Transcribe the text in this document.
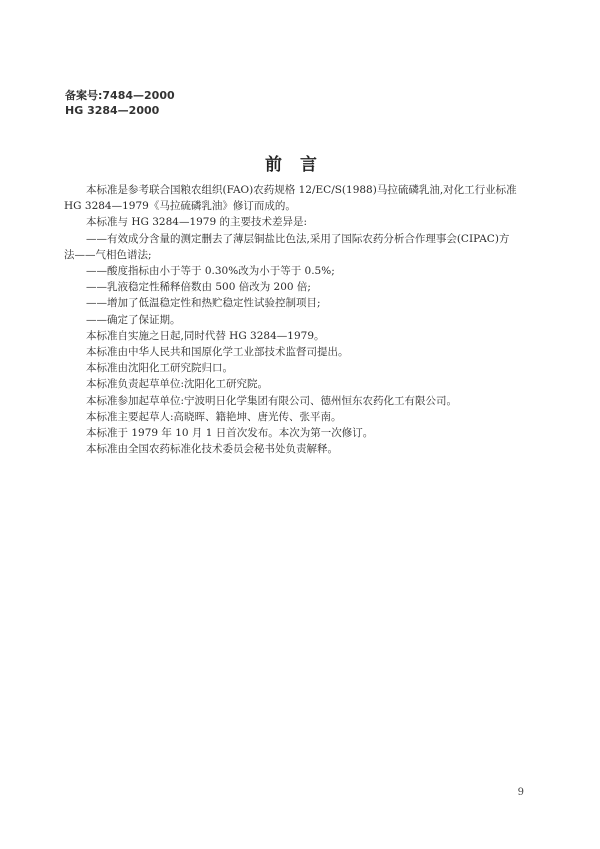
备案号:7484—2000
HG 3284—2000
前言
本标准是参考联合国粮农组织(FAO)农药规格 12/EC/S(1988)马拉硫磷乳油,对化工行业标准
HG 3284—1979《马拉硫磷乳油》修订而成的。
本标准与 HG 3284—1979 的主要技术差异是:
——有效成分含量的测定删去了薄层铜盐比色法,采用了国际农药分析合作理事会(CIPAC)方
法——气相色谱法;
——酸度指标由小于等于 0.30%改为小于等于 0.5%;
——乳液稳定性稀释倍数由 500 倍改为 200 倍;
——增加了低温稳定性和热贮稳定性试验控制项目;
——确定了保证期。
本标准自实施之日起,同时代替 HG 3284—1979。
本标准由中华人民共和国原化学工业部技术监督司提出。
本标准由沈阳化工研究院归口。
本标准负责起草单位:沈阳化工研究院。
本标准参加起草单位:宁波明日化学集团有限公司、德州恒东农药化工有限公司。
本标准主要起草人:高晓晖、籍艳坤、唐光传、张平南。
本标准于 1979 年 10 月 1 日首次发布。本次为第一次修订。
本标准由全国农药标准化技术委员会秘书处负责解释。
9
